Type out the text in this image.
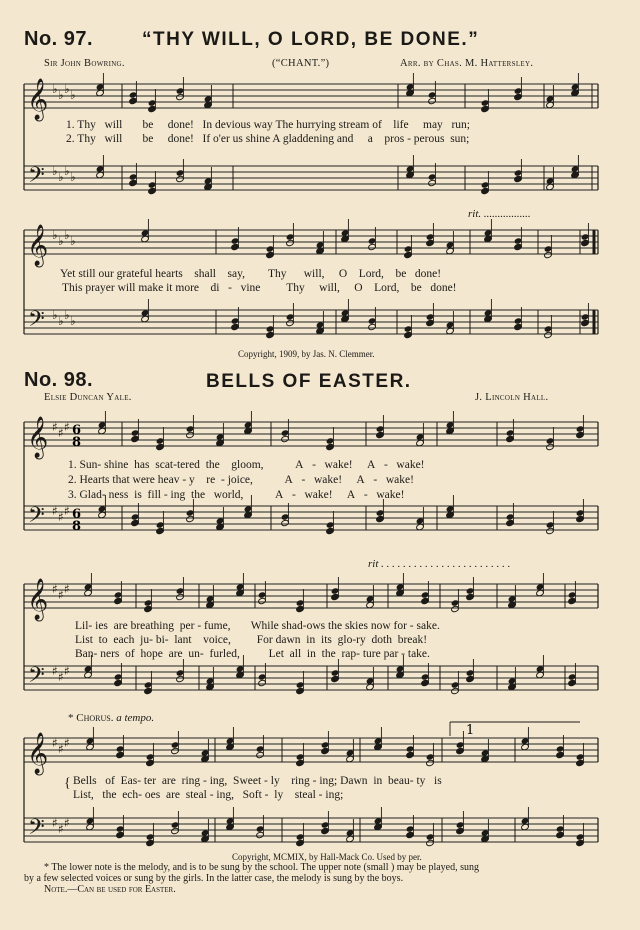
No. 97.	“THY WILL, O LORD, BE DONE.”
Sir John Bowring.	(“CHANT.”)	Arr. by Chas. M. Hattersley.
𝄞
𝄢
♭ ♭ ♭ ♭
♭ ♭ ♭ ♭
𝄞
𝄢
♭ ♭ ♭ ♭
♭ ♭ ♭ ♭
𝄞
𝄢
♯ ♯ ♯
♯ ♯ ♯
6
8
6
8
𝄞
𝄢
♯ ♯ ♯
♯ ♯ ♯
𝄞
𝄢
♯ ♯ ♯
♯ ♯ ♯
1
1. Thy will be done! In devious way The hurrying stream of life may run;
2. Thy will be done! If o'er us shine A gladdening and a pros - perous sun;
rit. .................
Yet still our grateful hearts shall say, Thy will, O Lord, be done!
This prayer will make it more di - vine Thy will, O Lord, be done!
Copyright, 1909, by Jas. N. Clemmer.
No. 98.	BELLS OF EASTER.
Elsie Duncan Yale.	J. Lincoln Hall.
1. Sun- shine has scat-tered the gloom,	A - wake! A - wake!
2. Hearts that were heav - y re - joice,	A - wake! A - wake!
3. Glad- ness is fill - ing the world,	A - wake! A - wake!
rit . . . . . . . . . . . . . . . . . . . . . . . .
Lil- ies are breathing per - fume, While shad-ows the skies now for - sake.
List to each ju- bi- lant voice, For dawn in its glo-ry doth break!
Ban- ners of hope are un- furled,	Let all in the rap- ture par - take.
* Chorus. a tempo.
{ Bells of Eas- ter are ring - ing, Sweet - ly ring - ing; Dawn in beau- ty is
List, the ech- oes are steal - ing, Soft - ly steal - ing;
Copyright, MCMIX, by Hall-Mack Co. Used by per.
* The lower note is the melody, and is to be sung by the school. The upper note (small ) may be played, sung
by a few selected voices or sung by the girls. In the latter case, the melody is sung by the boys.
Note.—Can be used for Easter.
